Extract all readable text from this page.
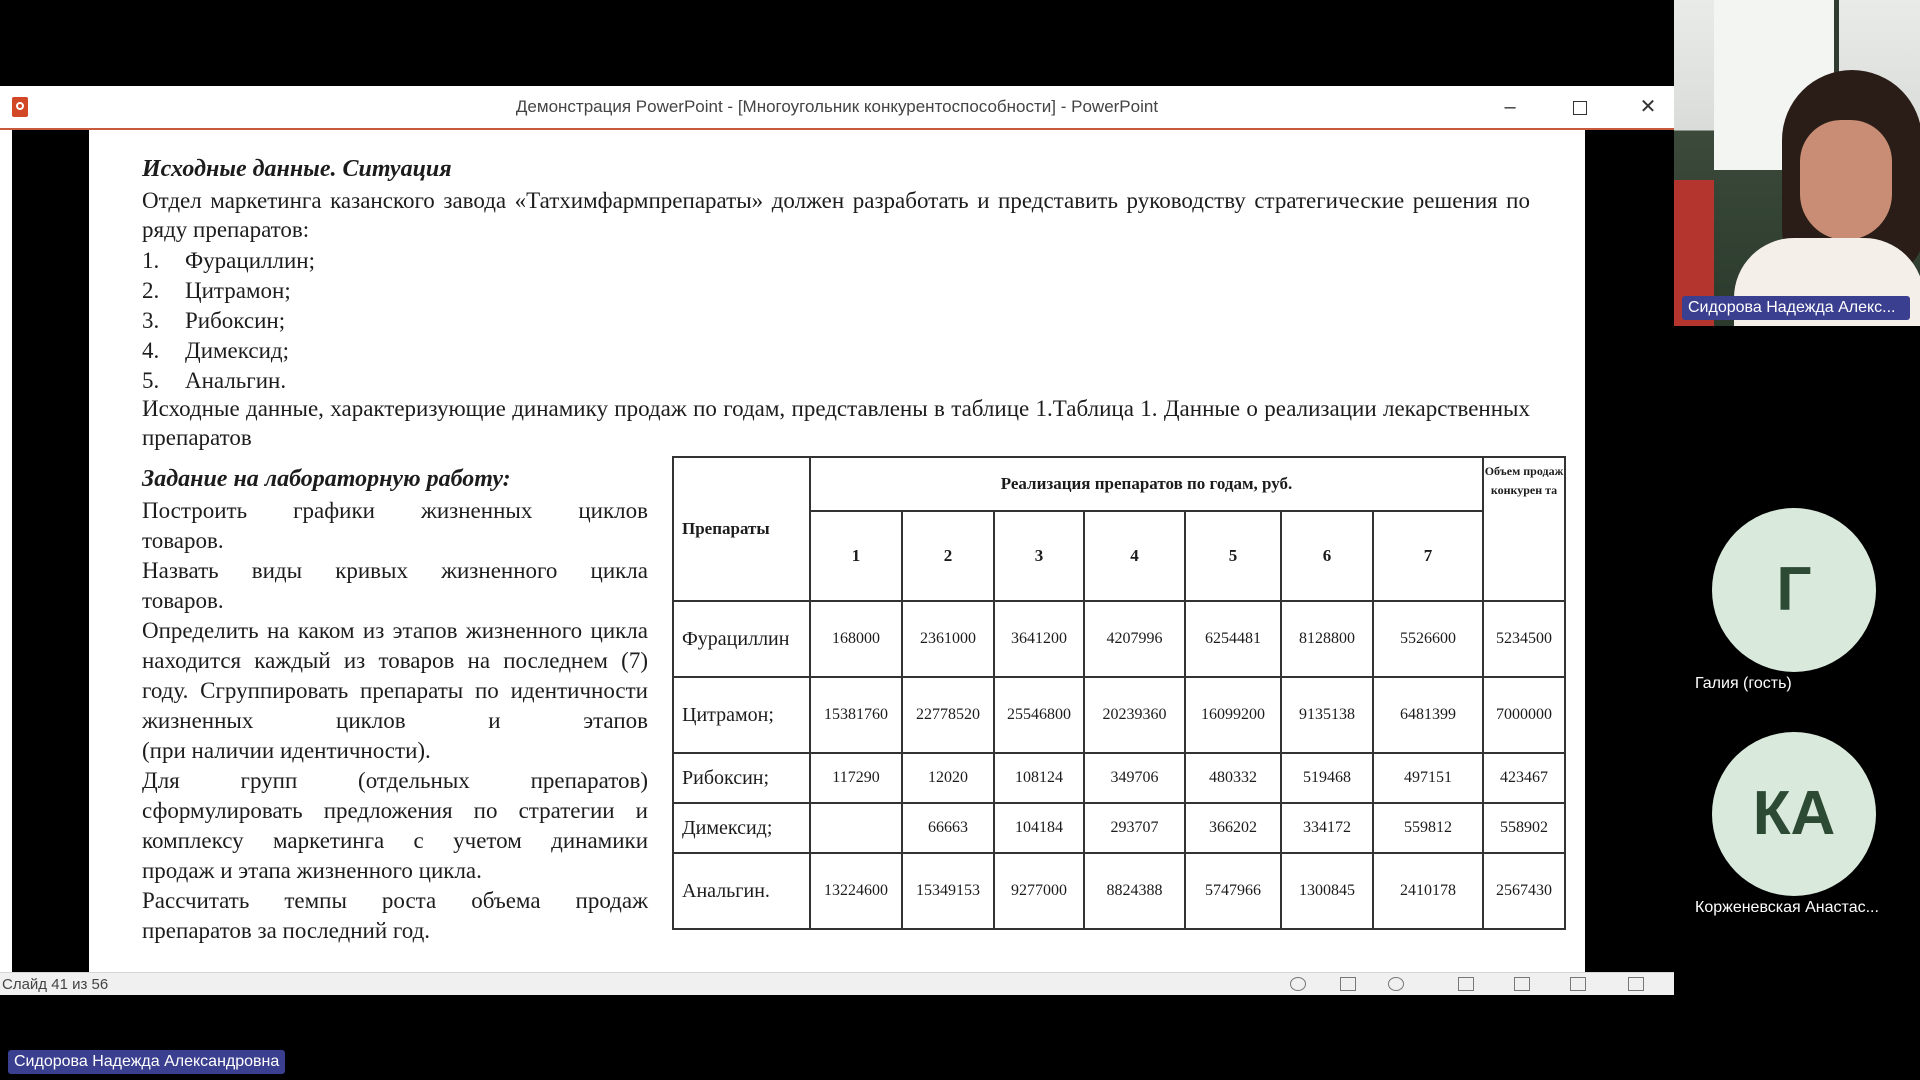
Демонстрация PowerPoint - [Многоугольник конкурентоспособности] - PowerPoint	–	✕
Исходные данные. Ситуация
Отдел маркетинга казанского завода «Татхимфармпрепараты» должен разработать и представить руководству стратегические решения по ряду препаратов:
1. Фурациллин;
2. Цитрамон;
3. Рибоксин;
4. Димексид;
5. Анальгин.
Исходные данные, характеризующие динамику продаж по годам, представлены в таблице 1.Таблица 1. Данные о реализации лекарственных препаратов
Задание на лабораторную работу:

Построить графики жизненных циклов
товаров.

Назвать виды кривых жизненного цикла
товаров.

Определить на каком из этапов жизненного цикла находится каждый из товаров на последнем (7) году. Сгруппировать препараты по идентичности жизненных циклов и этапов
(при наличии идентичности).

Для групп (отдельных препаратов) сформулировать предложения по стратегии и комплексу маркетинга с учетом динамики
продаж и этапа жизненного цикла.

Рассчитать темпы роста объема продаж
препаратов за последний год.

Препараты	Реализация препаратов по годам, руб.							Объем продаж конкурен та
	1	2	3	4	5	6	7	
Фурациллин	168000	2361000	3641200	4207996	6254481	8128800	5526600	5234500
Цитрамон;	15381760	22778520	25546800	20239360	16099200	9135138	6481399	7000000
Рибоксин;	117290	12020	108124	349706	480332	519468	497151	423467
Димексид;		66663	104184	293707	366202	334172	559812	558902
Анальгин.	13224600	15349153	9277000	8824388	5747966	1300845	2410178	2567430
Слайд 41 из 56
Сидорова Надежда Алекс...
Г
Галия (гость)
КА
Корженевская Анастас...
Сидорова Надежда Александровна
